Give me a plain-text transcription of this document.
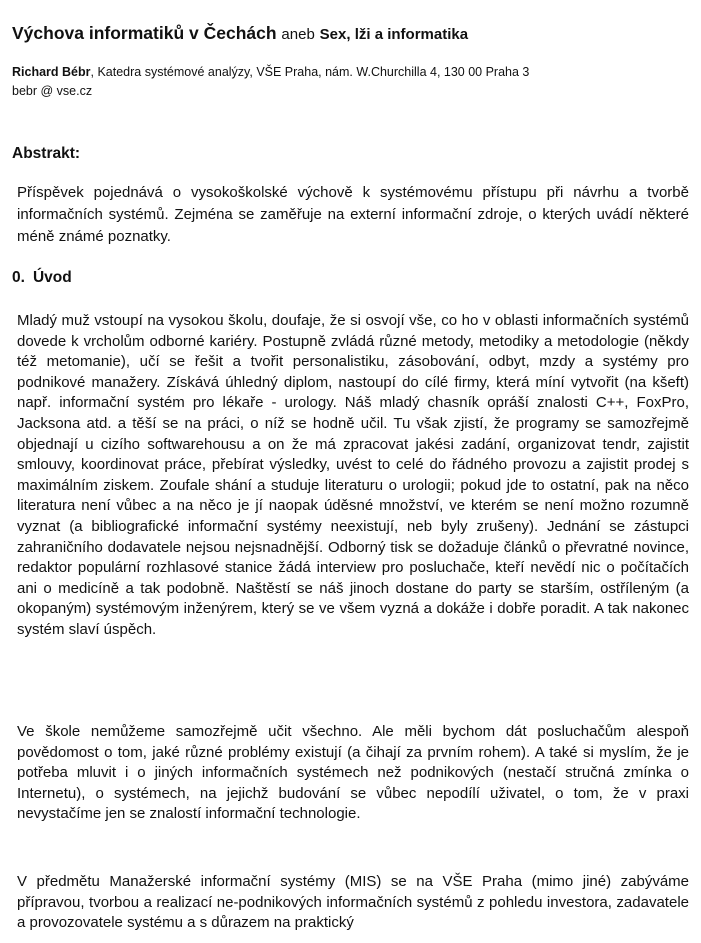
Výchova informatiků v Čechách aneb Sex, lži a informatika
Richard Bébr, Katedra systémové analýzy, VŠE Praha, nám. W.Churchilla 4, 130 00 Praha 3
bebr @ vse.cz
Abstrakt:
Příspěvek pojednává o vysokoškolské výchově k systémovému přístupu při návrhu a tvorbě informačních systémů. Zejména se zaměřuje na externí informační zdroje, o kterých uvádí některé méně známé poznatky.
0. Úvod
Mladý muž vstoupí na vysokou školu, doufaje, že si osvojí vše, co ho v oblasti informačních systémů dovede k vrcholům odborné kariéry. Postupně zvládá různé metody, metodiky a metodologie (někdy též metomanie), učí se řešit a tvořit personalistiku, zásobování, odbyt, mzdy a systémy pro podnikové manažery. Získává úhledný diplom, nastoupí do cílé firmy, která míní vytvořit (na kšeft) např. informační systém pro lékaře - urology. Náš mladý chasník opráší znalosti C++, FoxPro, Jacksona atd. a těší se na práci, o níž se hodně učil. Tu však zjistí, že programy se samozřejmě objednají u cizího softwarehousu a on že má zpracovat jakési zadání, organizovat tendr, zajistit smlouvy, koordinovat práce, přebírat výsledky, uvést to celé do řádného provozu a zajistit prodej s maximálním ziskem. Zoufale shání a studuje literaturu o urologii; pokud jde to ostatní, pak na něco literatura není vůbec a na něco je jí naopak úděsné množství, ve kterém se není možno rozumně vyznat (a bibliografické informační systémy neexistují, neb byly zrušeny). Jednání se zástupci zahraničního dodavatele nejsou nejsnadnější. Odborný tisk se dožaduje článků o převratné novince, redaktor populární rozhlasové stanice žádá interview pro posluchače, kteří nevědí nic o počítačích ani o medicíně a tak podobně. Naštěstí se náš jinoch dostane do party se starším, ostříleným (a okopaným) systémovým inženýrem, který se ve všem vyzná a dokáže i dobře poradit. A tak nakonec systém slaví úspěch.
Ve škole nemůžeme samozřejmě učit všechno. Ale měli bychom dát posluchačům alespoň povědomost o tom, jaké různé problémy existují (a čihají za prvním rohem). A také si myslím, že je potřeba mluvit i o jiných informačních systémech než podnikových (nestačí stručná zmínka o Internetu), o systémech, na jejichž budování se vůbec nepodílí uživatel, o tom, že v praxi nevystačíme jen se znalostí informační technologie.
V předmětu Manažerské informační systémy (MIS) se na VŠE Praha (mimo jiné) zabýváme přípravou, tvorbou a realizací ne-podnikových informačních systémů z pohledu investora, zadavatele a provozovatele systému a s důrazem na praktický
